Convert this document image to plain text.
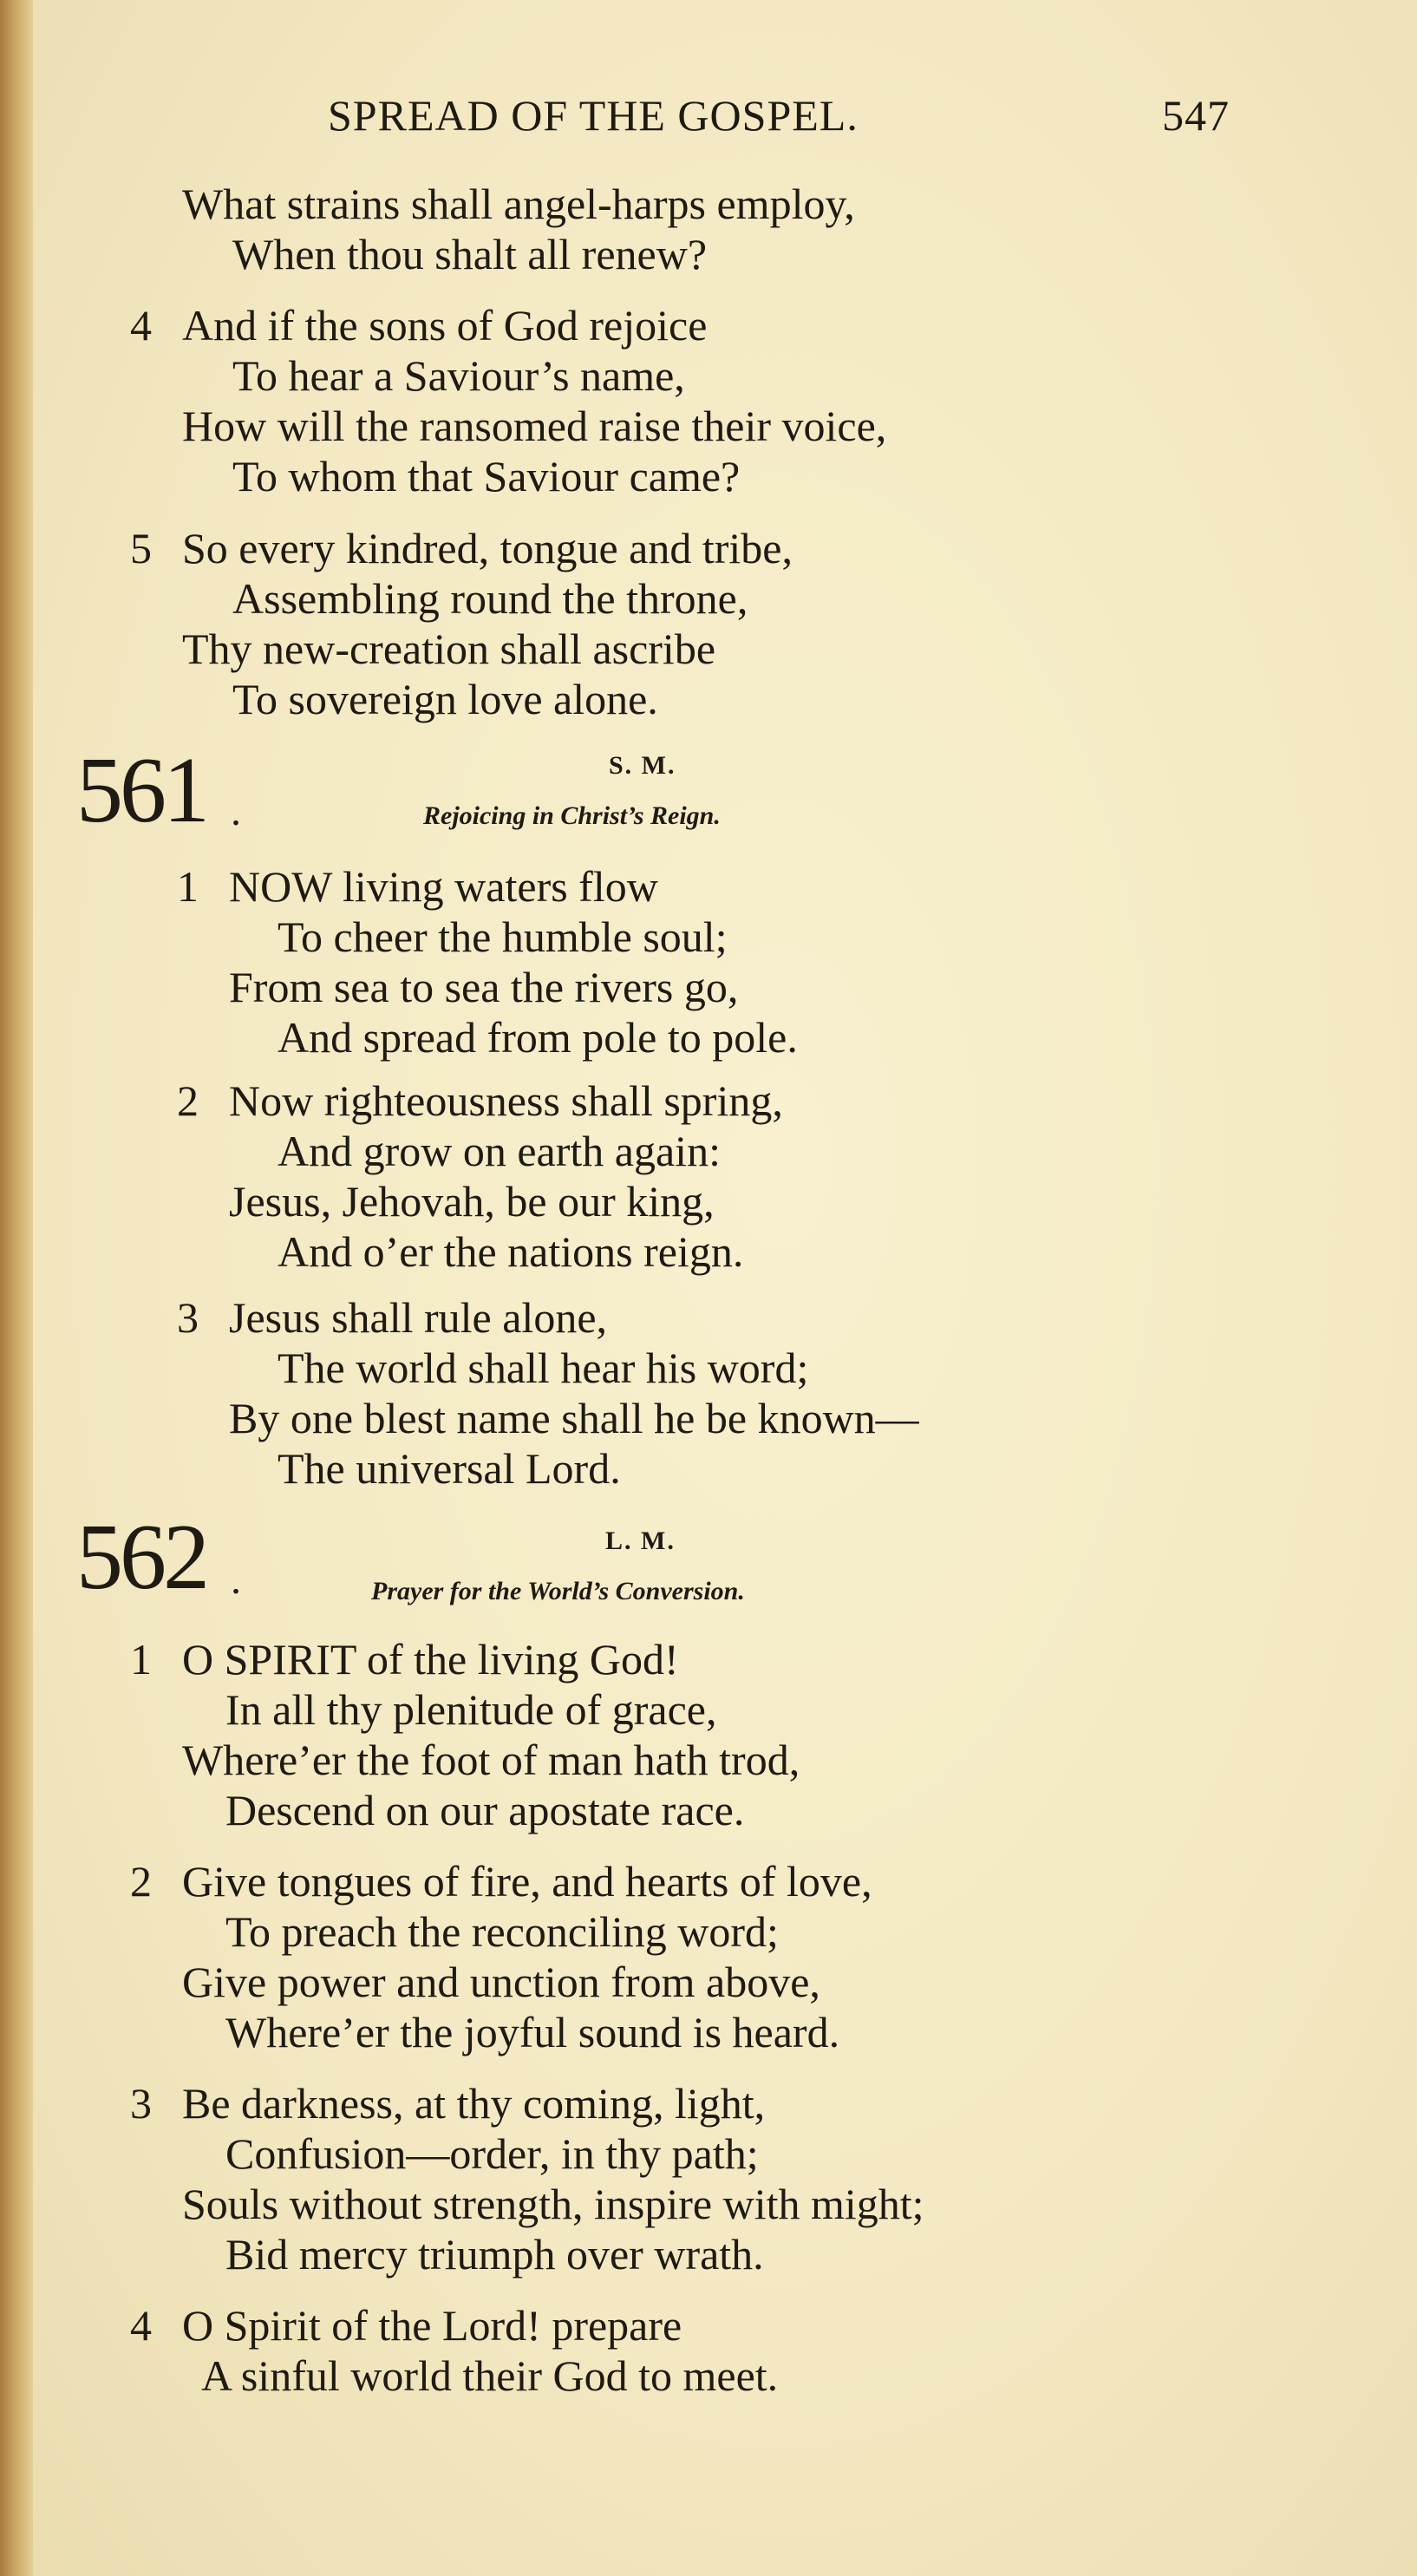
SPREAD OF THE GOSPEL.	547
What strains shall angel-harps employ,
When thou shalt all renew?
4 And if the sons of God rejoice
To hear a Saviour’s name,
How will the ransomed raise their voice,
To whom that Saviour came?
5 So every kindred, tongue and tribe,
Assembling round the throne,
Thy new-creation shall ascribe
To sovereign love alone.
561 .
S. M.
Rejoicing in Christ’s Reign.
1 NOW living waters flow
To cheer the humble soul;
From sea to sea the rivers go,
And spread from pole to pole.
2 Now righteousness shall spring,
And grow on earth again:
Jesus, Jehovah, be our king,
And o’er the nations reign.
3 Jesus shall rule alone,
The world shall hear his word;
By one blest name shall he be known—
The universal Lord.
562 .
L. M.
Prayer for the World’s Conversion.
1 O SPIRIT of the living God!
In all thy plenitude of grace,
Where’er the foot of man hath trod,
Descend on our apostate race.
2 Give tongues of fire, and hearts of love,
To preach the reconciling word;
Give power and unction from above,
Where’er the joyful sound is heard.
3 Be darkness, at thy coming, light,
Confusion—order, in thy path;
Souls without strength, inspire with might;
Bid mercy triumph over wrath.
4 O Spirit of the Lord! prepare
A sinful world their God to meet.
